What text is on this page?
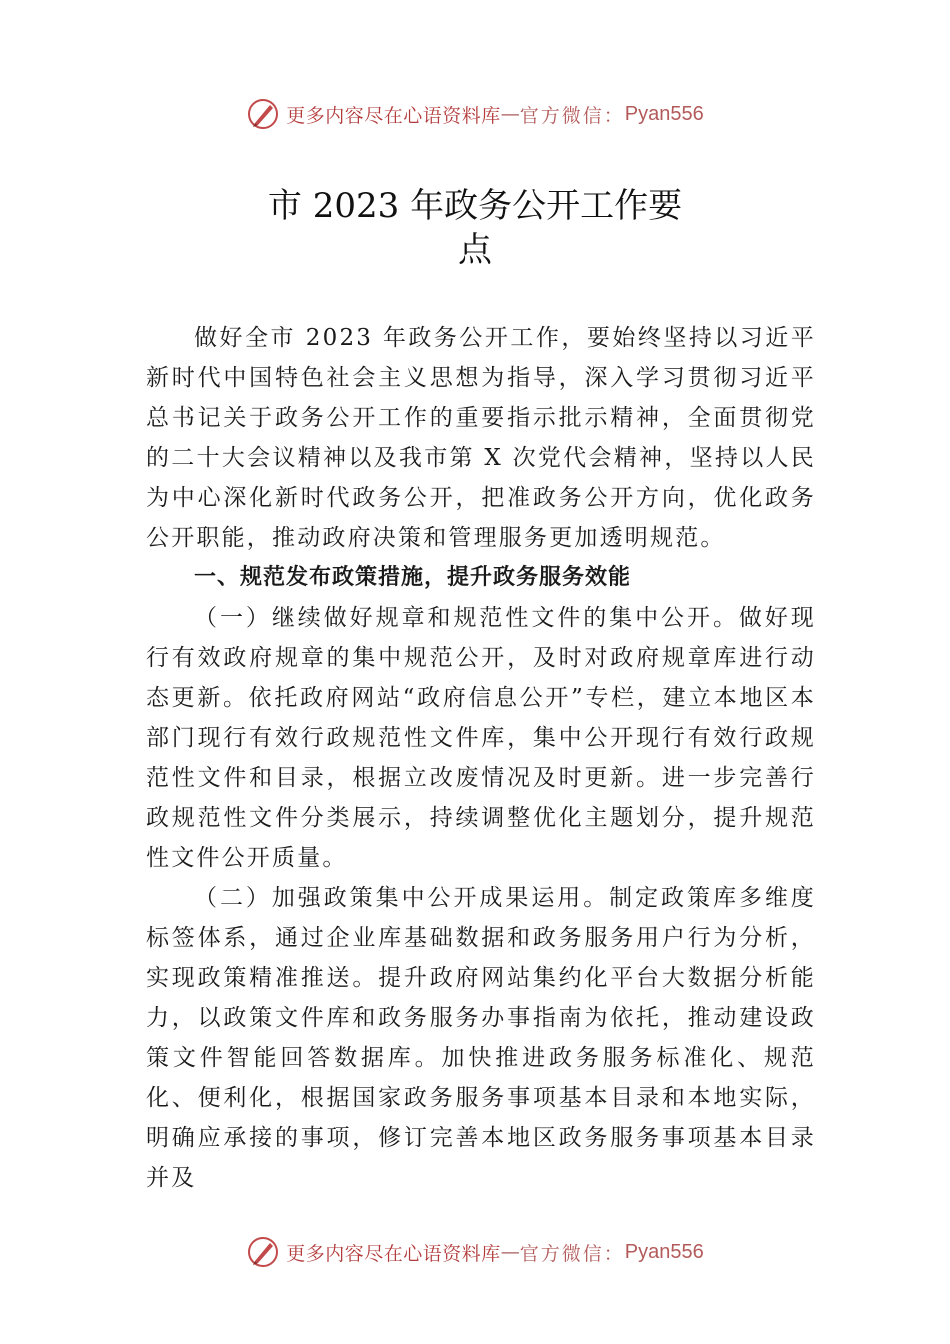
更多内容尽在心语资料库 — 官方微信： Pyan556
市 2023 年政务公开工作要
点

做好全市 2023 年政务公开工作，要始终坚持以习近平新时代中国特色社会主义思想为指导，深入学习贯彻习近平总书记关于政务公开工作的重要指示批示精神，全面贯彻党的二十大会议精神以及我市第 X 次党代会精神，坚持以人民为中心深化新时代政务公开，把准政务公开方向，优化政务公开职能，推动政府决策和管理服务更加透明规范。

一、规范发布政策措施，提升政务服务效能

（一）继续做好规章和规范性文件的集中公开。做好现行有效政府规章的集中规范公开，及时对政府规章库进行动态更新。依托政府网站“政府信息公开”专栏，建立本地区本部门现行有效行政规范性文件库，集中公开现行有效行政规范性文件和目录，根据立改废情况及时更新。进一步完善行政规范性文件分类展示，持续调整优化主题划分，提升规范性文件公开质量。

（二）加强政策集中公开成果运用。制定政策库多维度标签体系，通过企业库基础数据和政务服务用户行为分析， 实现政策精准推送。提升政府网站集约化平台大数据分析能力，以政策文件库和政务服务办事指南为依托，推动建设政策文件智能回答数据库。加快推进政务服务标准化、规范化、便利化，根据国家政务服务事项基本目录和本地实际，明确应承接的事项，修订完善本地区政务服务事项基本目录并及

更多内容尽在心语资料库 — 官方微信： Pyan556
